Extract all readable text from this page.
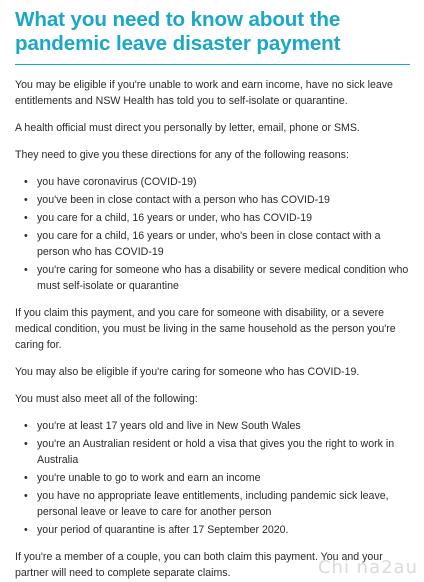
What you need to know about the pandemic leave disaster payment

You may be eligible if you're unable to work and earn income, have no sick leave entitlements and NSW Health has told you to self-isolate or quarantine.

A health official must direct you personally by letter, email, phone or SMS.

They need to give you these directions for any of the following reasons:

• you have coronavirus (COVID-19)
• you've been in close contact with a person who has COVID-19
• you care for a child, 16 years or under, who has COVID-19
• you care for a child, 16 years or under, who's been in close contact with a person who has COVID-19
• you're caring for someone who has a disability or severe medical condition who must self-isolate or quarantine

If you claim this payment, and you care for someone with disability, or a severe medical condition, you must be living in the same household as the person you're caring for.

You may also be eligible if you're caring for someone who has COVID-19.

You must also meet all of the following:

• you're at least 17 years old and live in New South Wales
• you're an Australian resident or hold a visa that gives you the right to work in Australia
• you're unable to go to work and earn an income
• you have no appropriate leave entitlements, including pandemic sick leave, personal leave or leave to care for another person
• your period of quarantine is after 17 September 2020.

If you're a member of a couple, you can both claim this payment. You and your partner will need to complete separate claims.	Chi na2au
